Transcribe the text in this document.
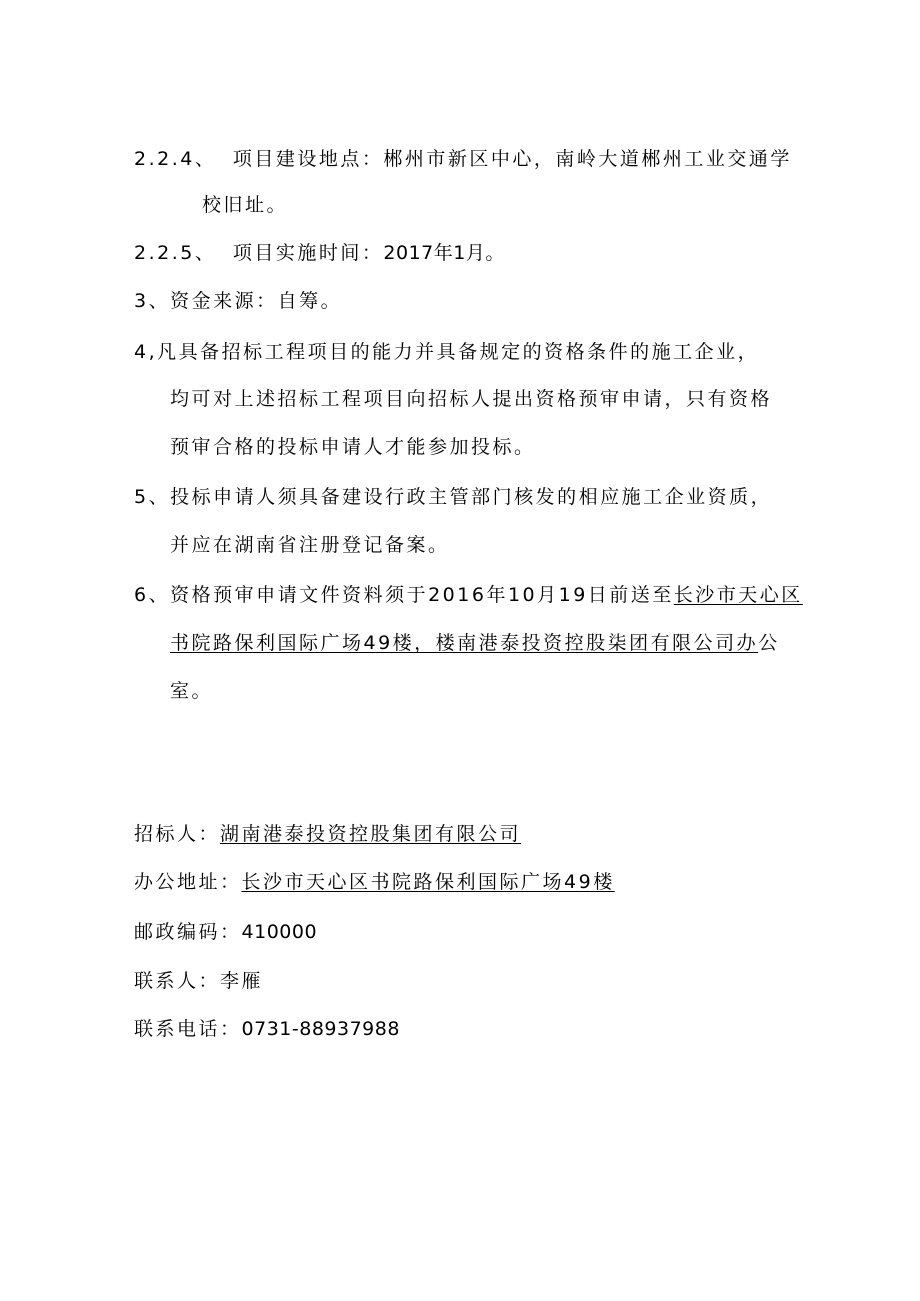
2.2.4、 项目建设地点：郴州市新区中心，南岭大道郴州工业交通学
校旧址。
2.2.5、 项目实施时间：2017年1月。
3、资金来源：自筹。
4,凡具备招标工程项目的能力并具备规定的资格条件的施工企业，
均可对上述招标工程项目向招标人提出资格预审申请，只有资格
预审合格的投标申请人才能参加投标。
5、投标申请人须具备建设行政主管部门核发的相应施工企业资质，
并应在湖南省注册登记备案。
6、资格预审申请文件资料须于2016年10月19日前送至长沙市天心区
书院路保利国际广场49楼，楼南港泰投资控股柒团有限公司办公
室。
招标人：湖南港泰投资控股集团有限公司
办公地址：长沙市天心区书院路保利国际广场49楼
邮政编码：410000
联系人：李雁
联系电话：0731-88937988
